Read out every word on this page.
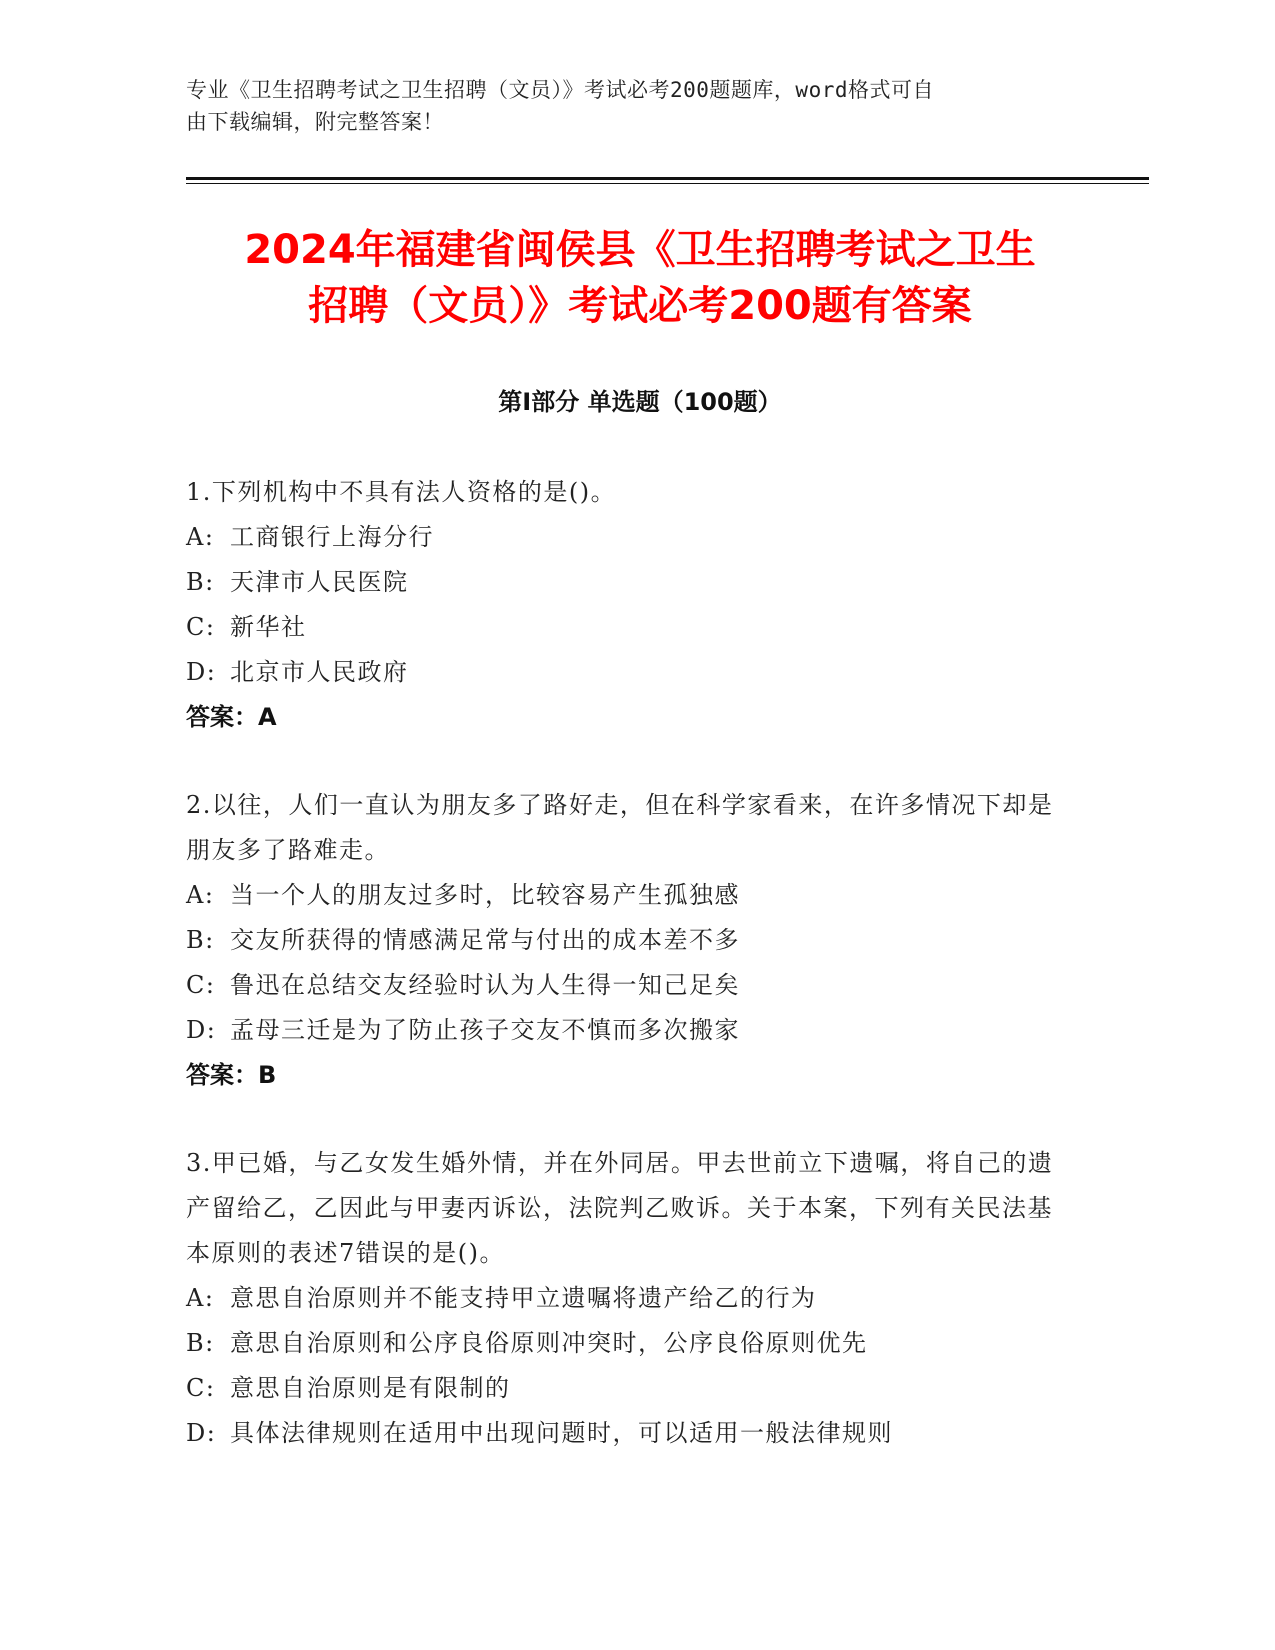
专业《卫生招聘考试之卫生招聘（文员）》考试必考200题题库，word格式可自
由下载编辑，附完整答案！
2024年福建省闽侯县《卫生招聘考试之卫生
招聘（文员）》考试必考200题有答案
第Ⅰ部分 单选题（100题）

1.下列机构中不具有法人资格的是()。

A: 工商银行上海分行

B: 天津市人民医院

C: 新华社

D: 北京市人民政府

答案：A

2.以往，人们一直认为朋友多了路好走，但在科学家看来，在许多情况下却是朋友多了路难走。

A: 当一个人的朋友过多时，比较容易产生孤独感

B: 交友所获得的情感满足常与付出的成本差不多

C: 鲁迅在总结交友经验时认为人生得一知己足矣

D: 孟母三迁是为了防止孩子交友不慎而多次搬家

答案：B

3.甲已婚，与乙女发生婚外情，并在外同居。甲去世前立下遗嘱，将自己的遗产留给乙，乙因此与甲妻丙诉讼，法院判乙败诉。关于本案，下列有关民法基本原则的表述7错误的是()。

A: 意思自治原则并不能支持甲立遗嘱将遗产给乙的行为

B: 意思自治原则和公序良俗原则冲突时，公序良俗原则优先

C: 意思自治原则是有限制的

D: 具体法律规则在适用中出现问题时，可以适用一般法律规则
